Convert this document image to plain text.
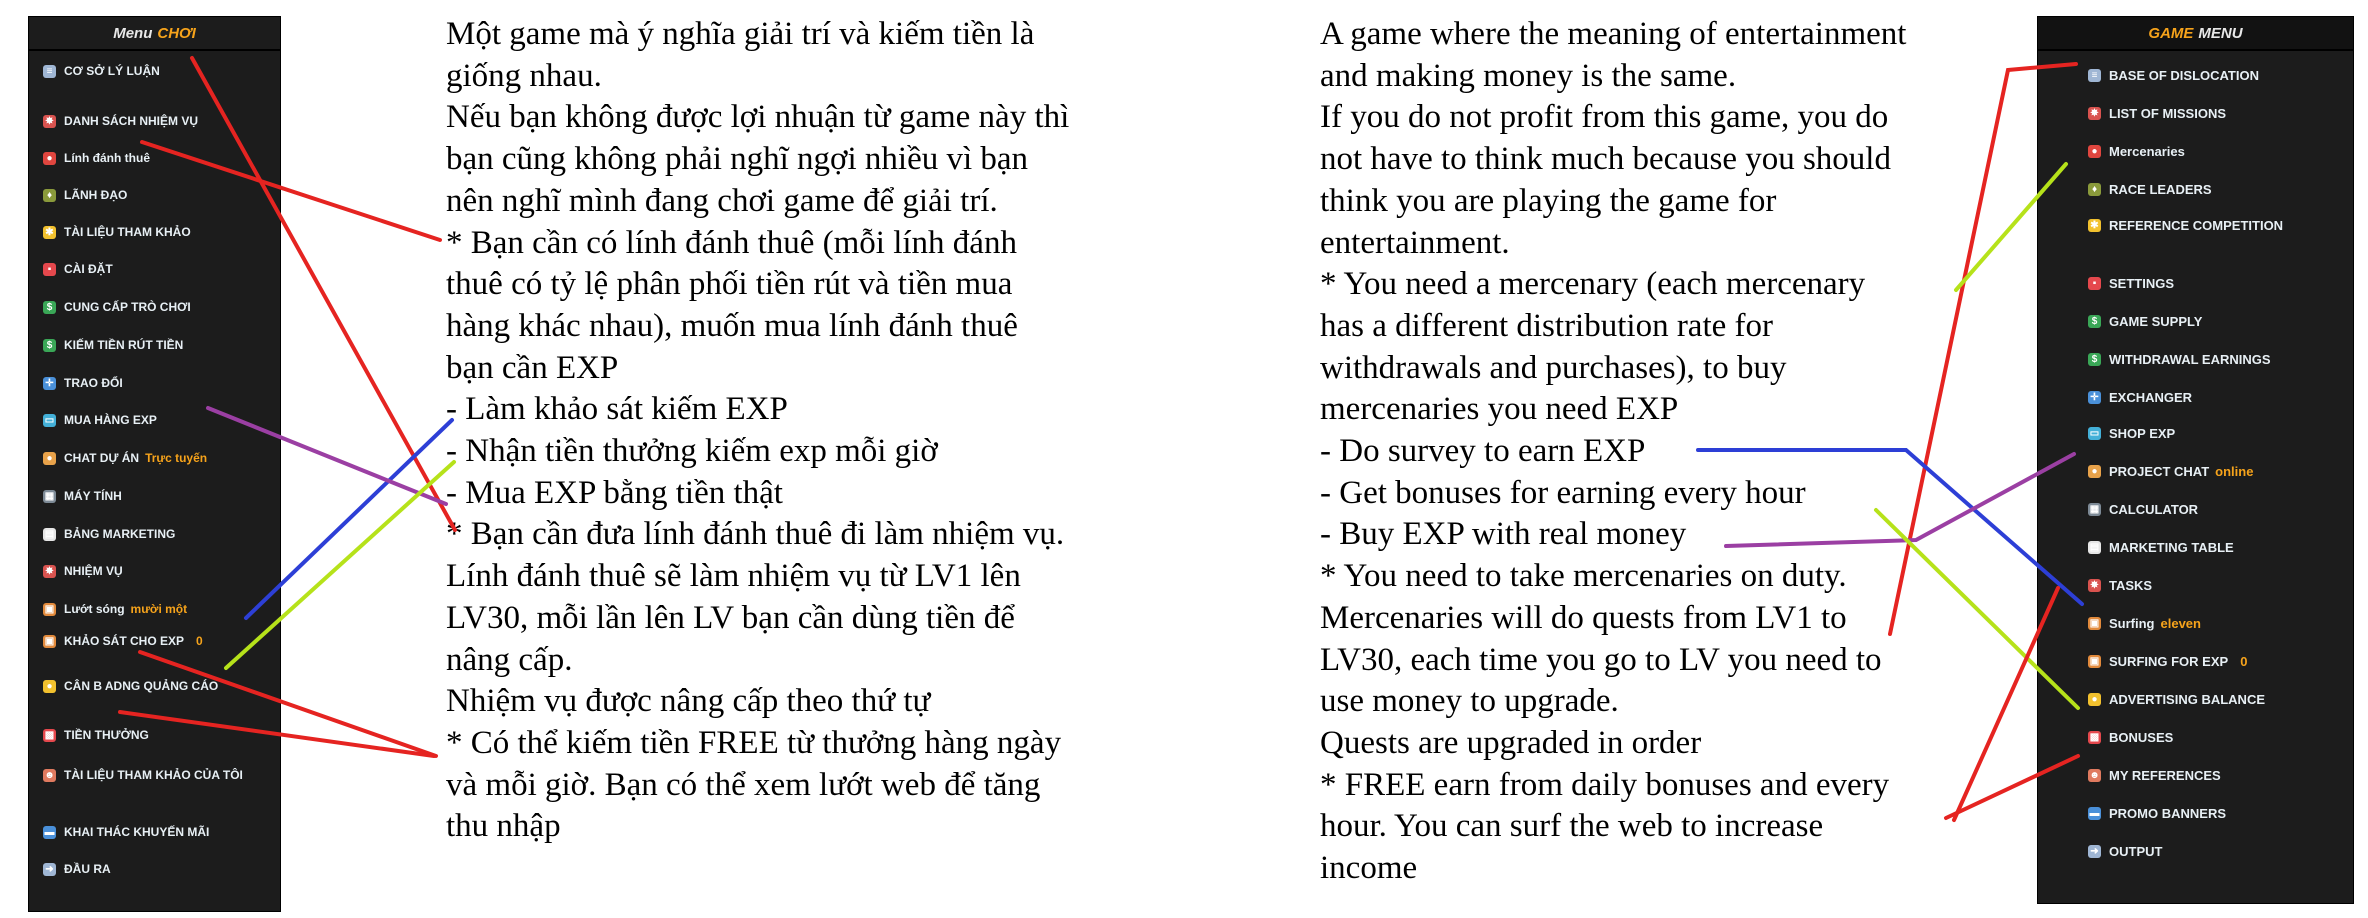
Menu CHƠI
≡ CƠ SỞ LÝ LUẬN
✸ DANH SÁCH NHIỆM VỤ
● Lính đánh thuê
♦ LÃNH ĐẠO
✱ TÀI LIỆU THAM KHẢO
▪	CÀI ĐẶT
$ CUNG CẤP TRÒ CHƠI
$ KIẾM TIỀN RÚT TIỀN
✛ TRAO ĐỔI
▭ MUA HÀNG EXP
● CHAT DỰ ÁN Trực tuyến
▦ MÁY TÍNH
▤ BẢNG MARKETING
✸ NHIỆM VỤ
▣ Lướt sóng mười một
▣ KHẢO SÁT CHO EXP 0
● CÂN B ADNG QUẢNG CÁO
▩ TIỀN THƯỞNG
☻ TÀI LIỆU THAM KHẢO CỦA TÔI
▬ KHAI THÁC KHUYẾN MÃI
➜ ĐẦU RA
MENU
GAME
≡ BASE OF DISLOCATION
✸ LIST OF MISSIONS
● Mercenaries
♦ RACE LEADERS
✱ REFERENCE COMPETITION
▪ SETTINGS
$ GAME SUPPLY
$ WITHDRAWAL EARNINGS
✛ EXCHANGER
▭ SHOP EXP
● PROJECT CHAT online
▦ CALCULATOR
▤ MARKETING TABLE
✸ TASKS
▣ Surfing eleven
▣ SURFING FOR EXP 0
● ADVERTISING BALANCE
▩ BONUSES
☻ MY REFERENCES
▬ PROMO BANNERS
➜ OUTPUT

Một game mà ý nghĩa giải trí và kiếm tiền là
giống nhau.

Nếu bạn không được lợi nhuận từ game này thì
bạn cũng không phải nghĩ ngợi nhiều vì bạn
nên nghĩ mình đang chơi game để giải trí.

* Bạn cần có lính đánh thuê (mỗi lính đánh
thuê có tỷ lệ phân phối tiền rút và tiền mua
hàng khác nhau), muốn mua lính đánh thuê
bạn cần EXP

- Làm khảo sát kiếm EXP

- Nhận tiền thưởng kiếm exp mỗi giờ

- Mua EXP bằng tiền thật

* Bạn cần đưa lính đánh thuê đi làm nhiệm vụ.
Lính đánh thuê sẽ làm nhiệm vụ từ LV1 lên
LV30, mỗi lần lên LV bạn cần dùng tiền để
nâng cấp.

Nhiệm vụ được nâng cấp theo thứ tự

* Có thể kiếm tiền FREE từ thưởng hàng ngày
và mỗi giờ. Bạn có thể xem lướt web để tăng
thu nhập

A game where the meaning of entertainment
and making money is the same.

If you do not profit from this game, you do
not have to think much because you should
think you are playing the game for
entertainment.

* You need a mercenary (each mercenary
has a different distribution rate for
withdrawals and purchases), to buy
mercenaries you need EXP

- Do survey to earn EXP

- Get bonuses for earning every hour

- Buy EXP with real money

* You need to take mercenaries on duty.
Mercenaries will do quests from LV1 to
LV30, each time you go to LV you need to
use money to upgrade.

Quests are upgraded in order

* FREE earn from daily bonuses and every
hour. You can surf the web to increase
income
